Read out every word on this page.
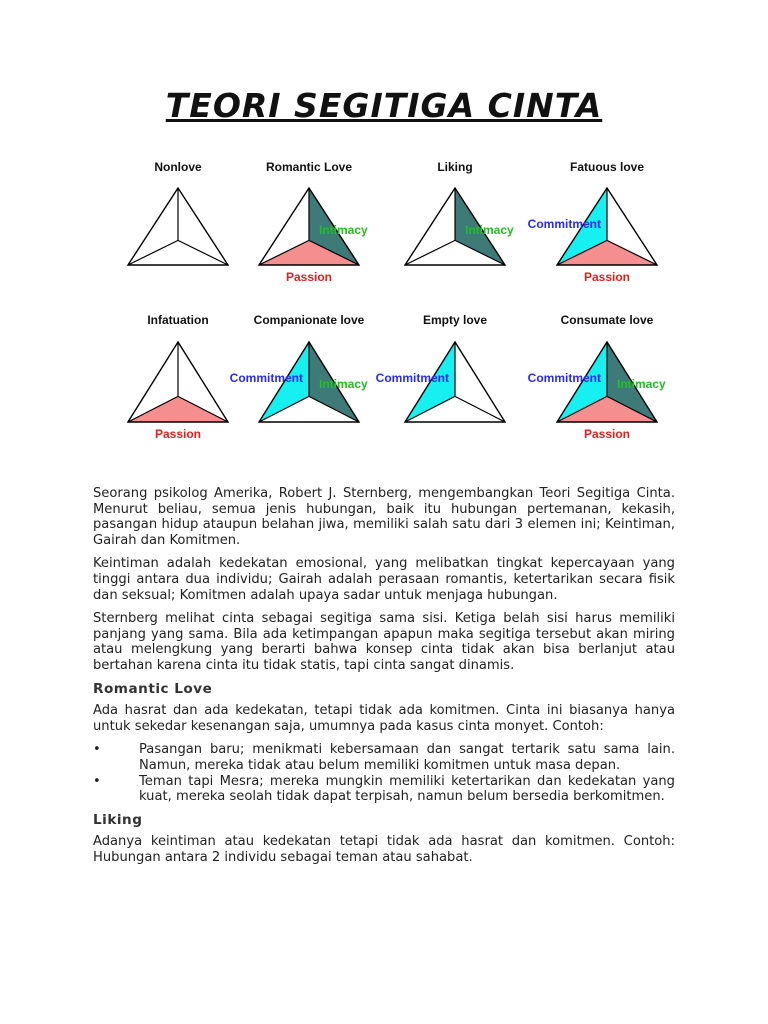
TEORI SEGITIGA CINTA
Nonlove	Romantic Love
Intimacy
Passion
Liking
Intimacy
Fatuous love
Commitment
Passion
Infatuation
Passion
Companionate love
Commitment Intimacy
Empty love
Commitment
Consumate love
Commitment Intimacy
Passion

Seorang psikolog Amerika, Robert J. Sternberg, mengembangkan Teori Segitiga Cinta. Menurut beliau, semua jenis hubungan, baik itu hubungan pertemanan, kekasih, pasangan hidup ataupun belahan jiwa, memiliki salah satu dari 3 elemen ini; Keintiman, Gairah dan Komitmen.

Keintiman adalah kedekatan emosional, yang melibatkan tingkat kepercayaan yang tinggi antara dua individu; Gairah adalah perasaan romantis, ketertarikan secara fisik dan seksual; Komitmen adalah upaya sadar untuk menjaga hubungan.

Sternberg melihat cinta sebagai segitiga sama sisi. Ketiga belah sisi harus memiliki panjang yang sama. Bila ada ketimpangan apapun maka segitiga tersebut akan miring atau melengkung yang berarti bahwa konsep cinta tidak akan bisa berlanjut atau bertahan karena cinta itu tidak statis, tapi cinta sangat dinamis.

Romantic Love

Ada hasrat dan ada kedekatan, tetapi tidak ada komitmen. Cinta ini biasanya hanya untuk sekedar kesenangan saja, umumnya pada kasus cinta monyet. Contoh:

•	Pasangan baru; menikmati kebersamaan dan sangat tertarik satu sama lain. Namun, mereka tidak atau belum memiliki komitmen untuk masa depan.
•	Teman tapi Mesra; mereka mungkin memiliki ketertarikan dan kedekatan yang kuat, mereka seolah tidak dapat terpisah, namun belum bersedia berkomitmen.
Liking

Adanya keintiman atau kedekatan tetapi tidak ada hasrat dan komitmen. Contoh: Hubungan antara 2 individu sebagai teman atau sahabat.
